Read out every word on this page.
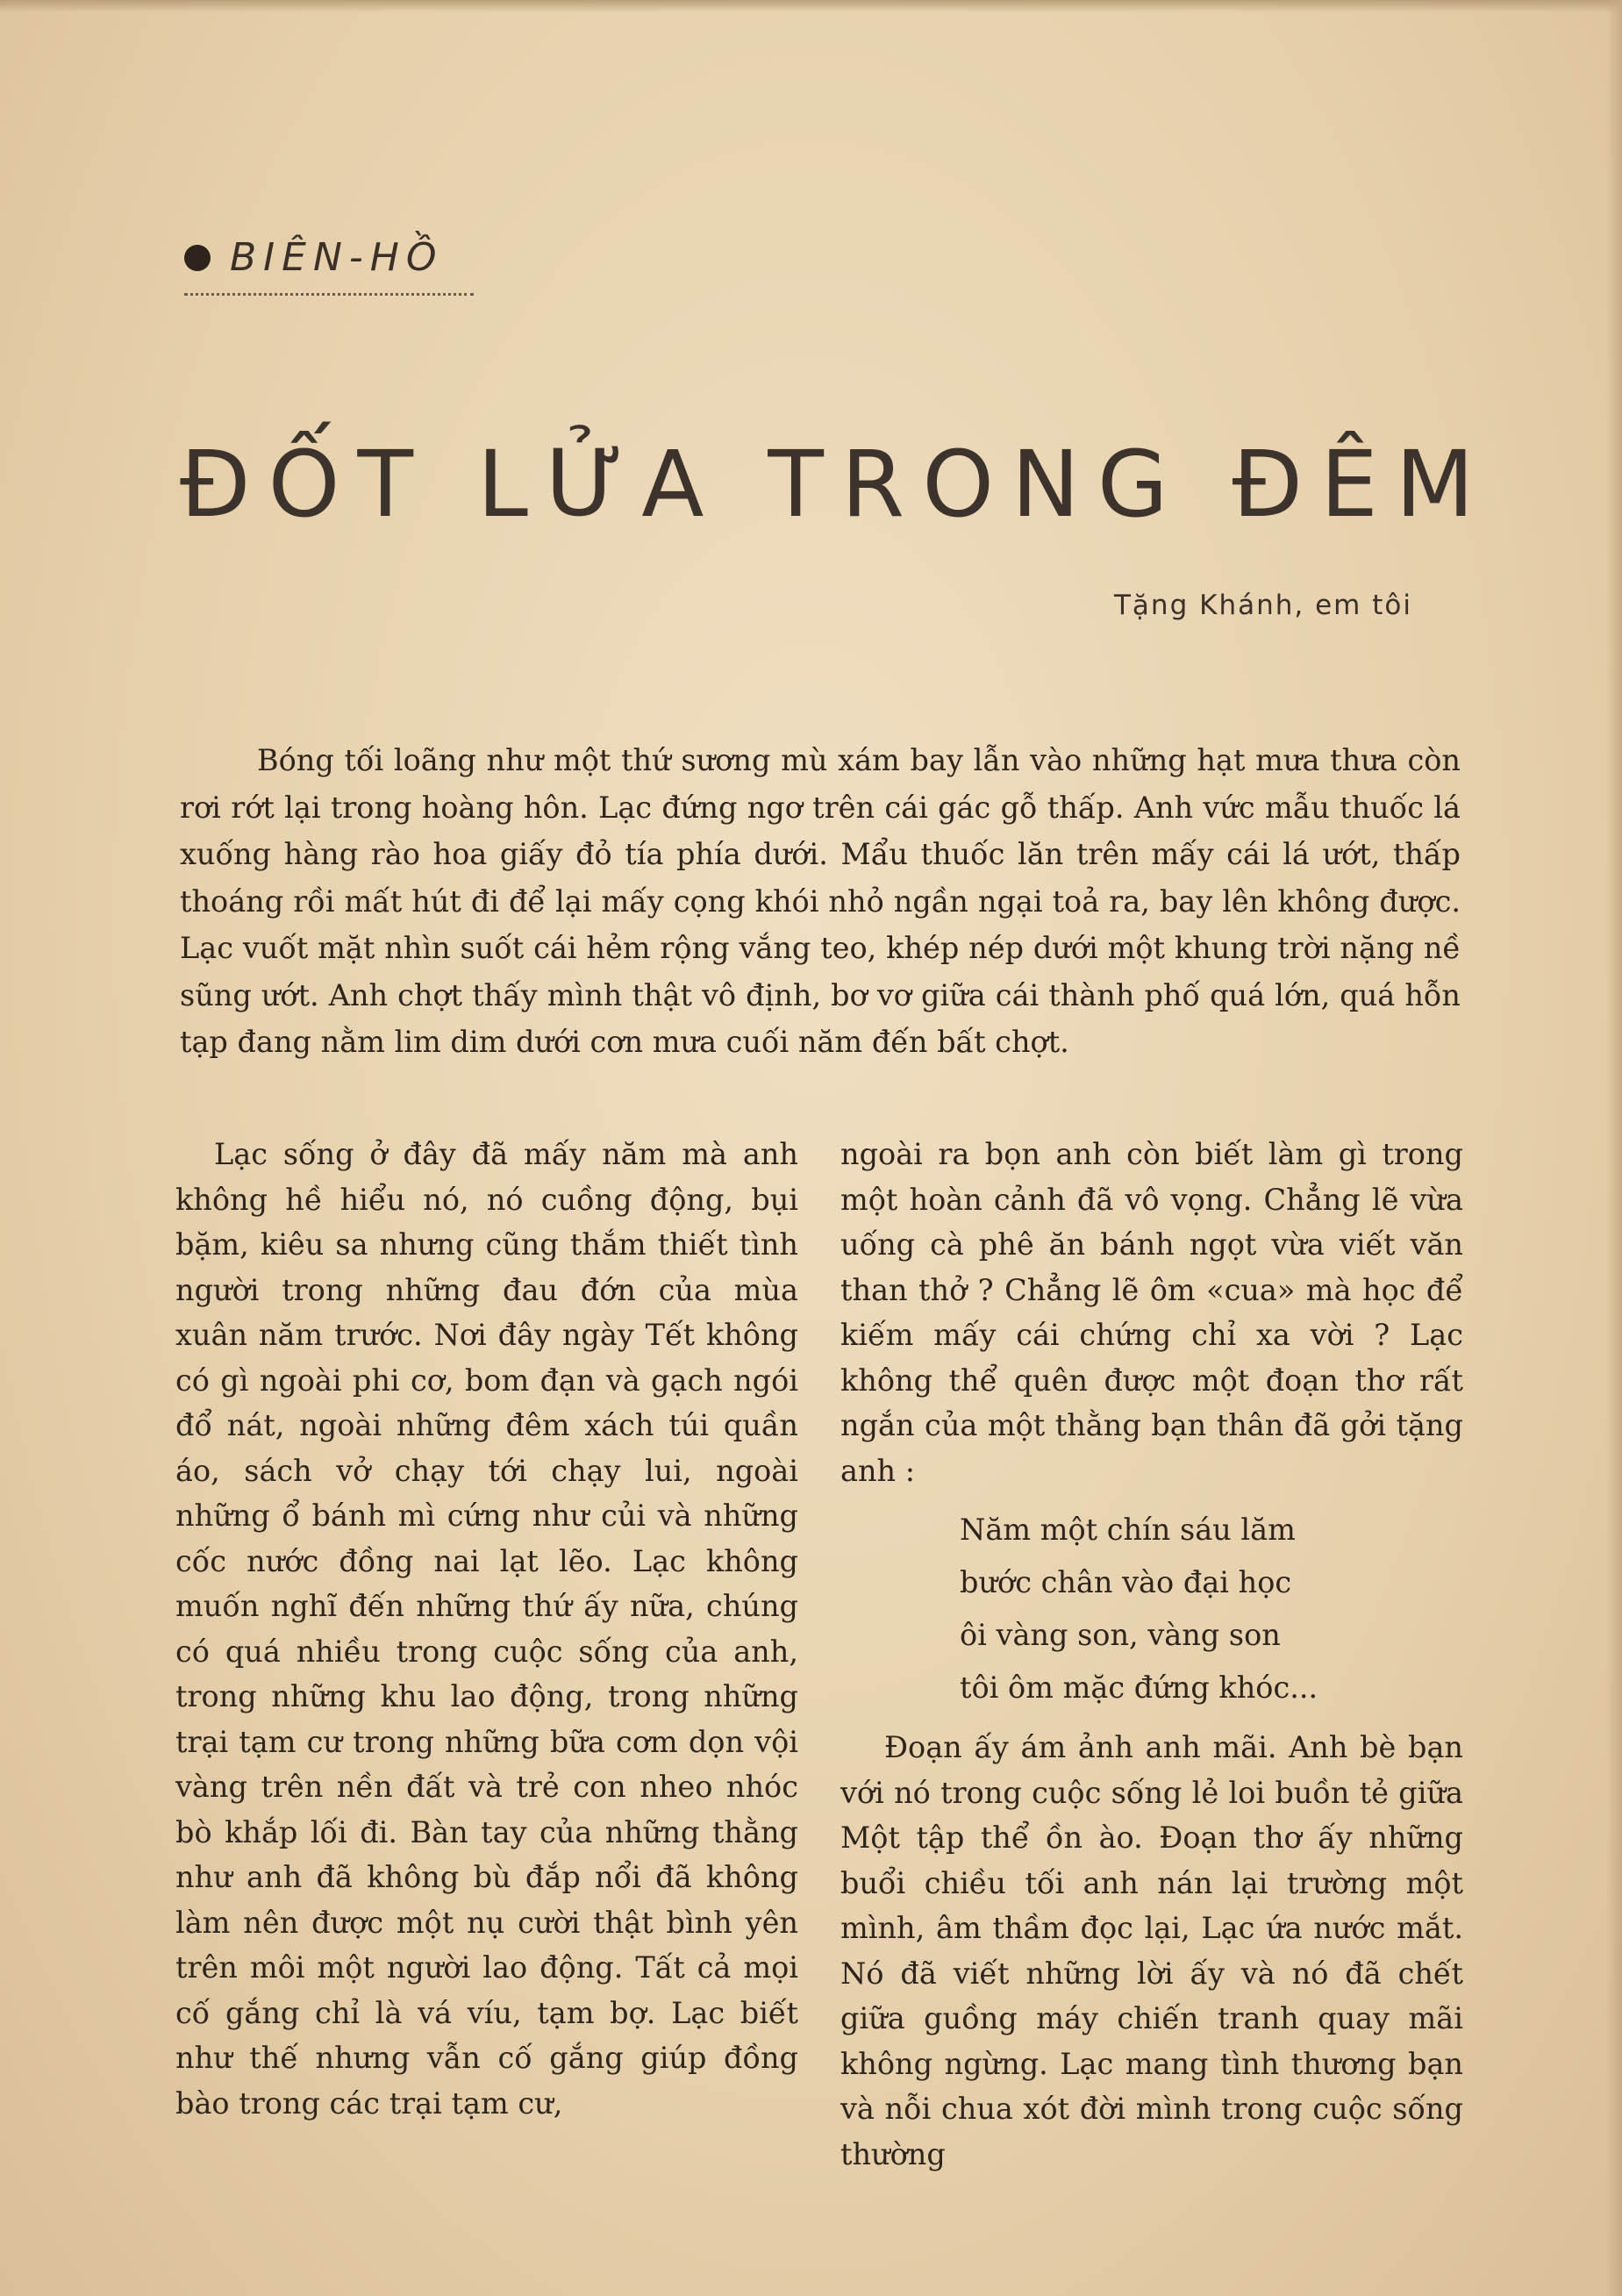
BIÊN-HỒ
ĐỐT LỬA TRONG ĐÊM
Tặng Khánh, em tôi

Bóng tối loãng như một thứ sương mù xám bay lẫn vào những hạt mưa thưa còn rơi rớt lại trong hoàng hôn. Lạc đứng ngơ trên cái gác gỗ thấp. Anh vức mẫu thuốc lá xuống hàng rào hoa giấy đỏ tía phía dưới. Mẩu thuốc lăn trên mấy cái lá ướt, thấp thoáng rồi mất hút đi để lại mấy cọng khói nhỏ ngần ngại toả ra, bay lên không được. Lạc vuốt mặt nhìn suốt cái hẻm rộng vắng teo, khép nép dưới một khung trời nặng nề sũng ướt. Anh chợt thấy mình thật vô định, bơ vơ giữa cái thành phố quá lớn, quá hỗn tạp đang nằm lim dim dưới cơn mưa cuối năm đến bất chợt.

Lạc sống ở đây đã mấy năm mà anh không hề hiểu nó, nó cuồng động, bụi bặm, kiêu sa nhưng cũng thắm thiết tình người trong những đau đớn của mùa xuân năm trước. Nơi đây ngày Tết không có gì ngoài phi cơ, bom đạn và gạch ngói đổ nát, ngoài những đêm xách túi quần áo, sách vở chạy tới chạy lui, ngoài những ổ bánh mì cứng như củi và những cốc nước đồng nai lạt lẽo. Lạc không muốn nghĩ đến những thứ ấy nữa, chúng có quá nhiều trong cuộc sống của anh, trong những khu lao động, trong những trại tạm cư trong những bữa cơm dọn vội vàng trên nền đất và trẻ con nheo nhóc bò khắp lối đi. Bàn tay của những thằng như anh đã không bù đắp nổi đã không làm nên được một nụ cười thật bình yên trên môi một người lao động. Tất cả mọi cố gắng chỉ là vá víu, tạm bợ. Lạc biết như thế nhưng vẫn cố gắng giúp đồng bào trong các trại tạm cư,

ngoài ra bọn anh còn biết làm gì trong một hoàn cảnh đã vô vọng. Chẳng lẽ vừa uống cà phê ăn bánh ngọt vừa viết văn than thở ? Chẳng lẽ ôm «cua» mà học để kiếm mấy cái chứng chỉ xa vời ? Lạc không thể quên được một đoạn thơ rất ngắn của một thằng bạn thân đã gởi tặng anh :

Năm một chín sáu lăm
bước chân vào đại học
ôi vàng son, vàng son
tôi ôm mặc đứng khóc...

Đoạn ấy ám ảnh anh mãi. Anh bè bạn với nó trong cuộc sống lẻ loi buồn tẻ giữa Một tập thể ồn ào. Đoạn thơ ấy những buổi chiều tối anh nán lại trường một mình, âm thầm đọc lại, Lạc ứa nước mắt. Nó đã viết những lời ấy và nó đã chết giữa guồng máy chiến tranh quay mãi không ngừng. Lạc mang tình thương bạn và nỗi chua xót đời mình trong cuộc sống thường
